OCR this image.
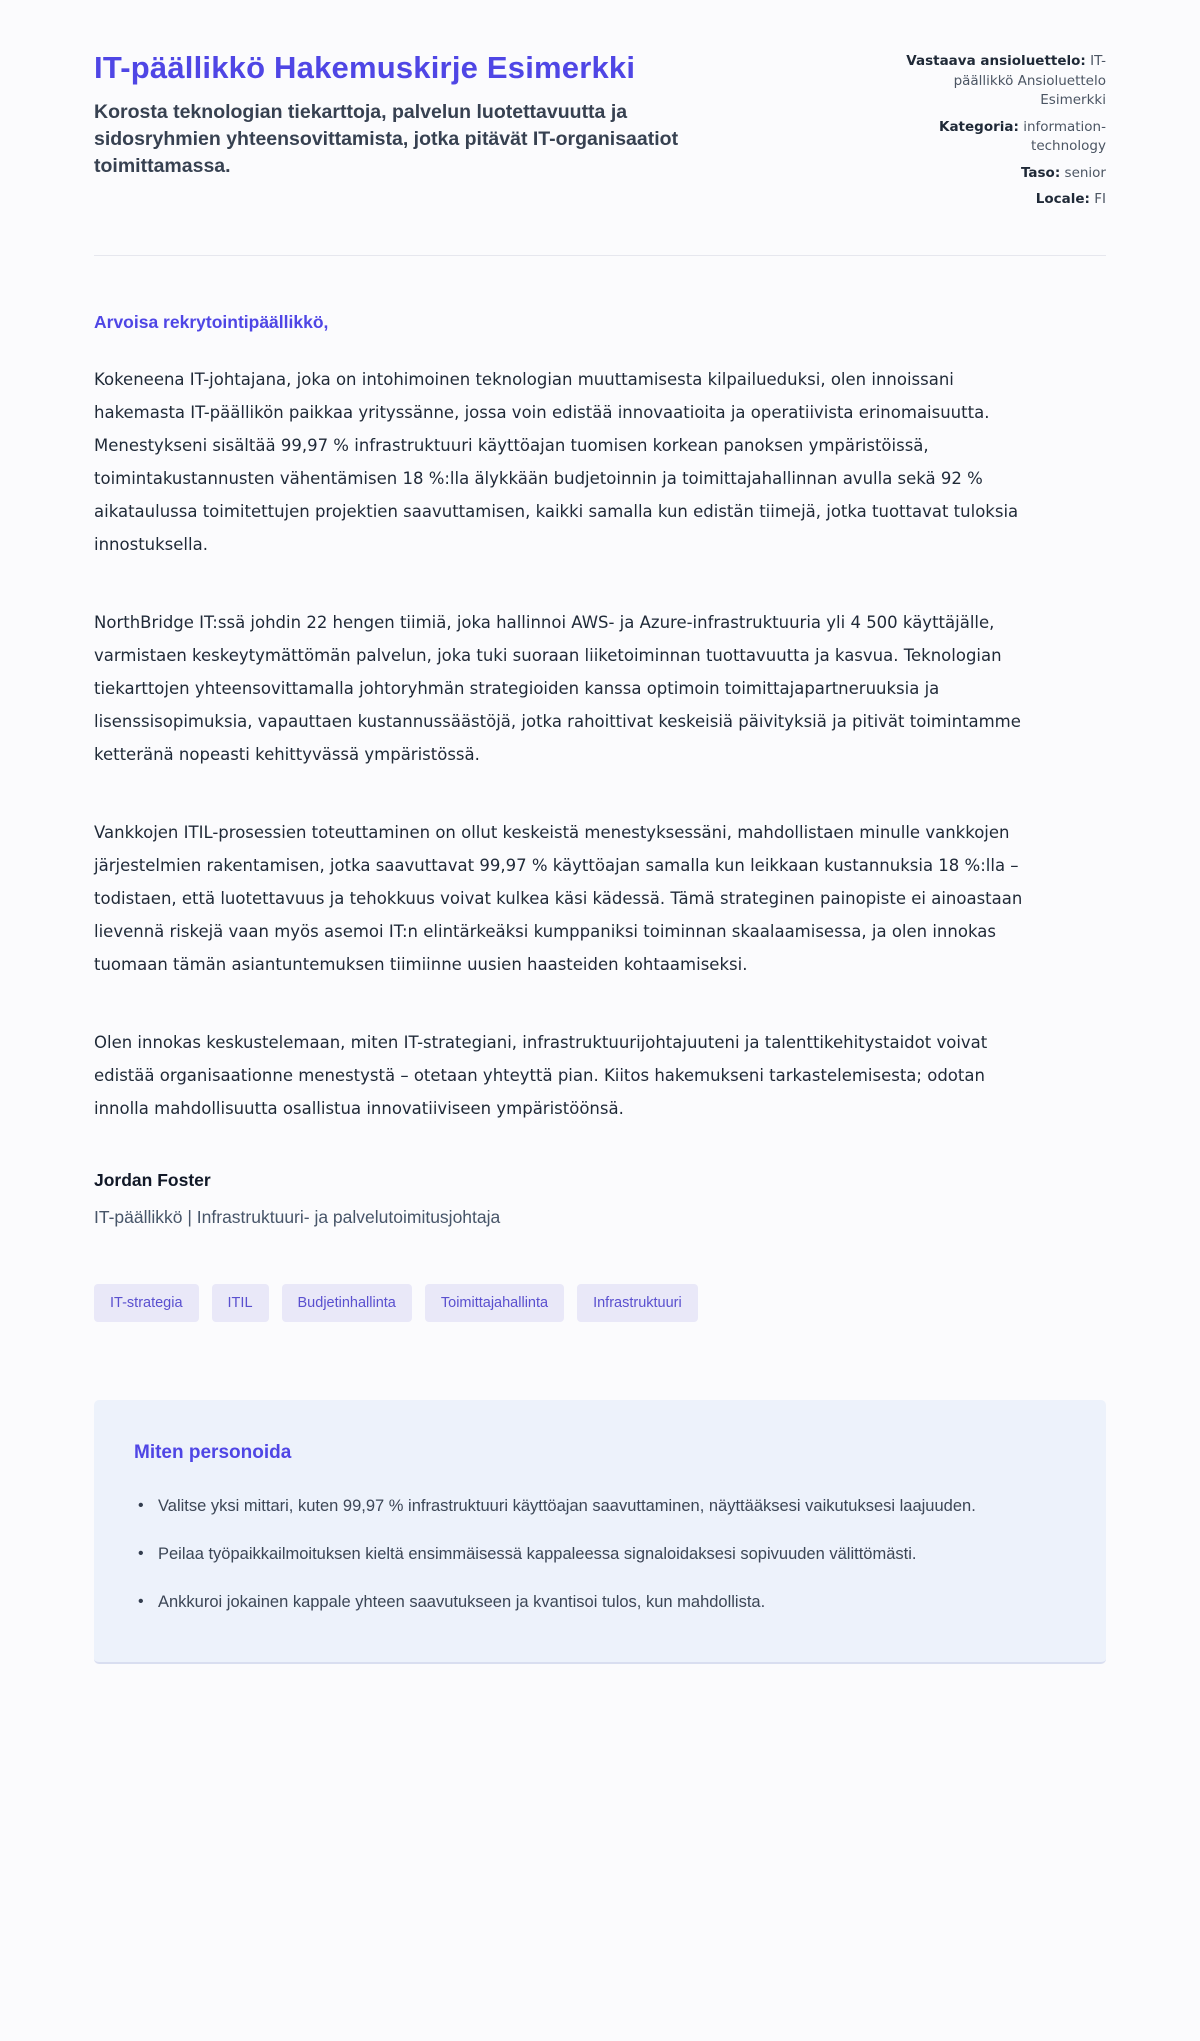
IT-päällikkö Hakemuskirje Esimerkki
Korosta teknologian tiekarttoja, palvelun luotettavuutta ja sidosryhmien yhteensovittamista, jotka pitävät IT-organisaatiot toimittamassa.
Vastaava ansioluettelo: IT-päällikkö Ansioluettelo Esimerkki
Kategoria: information-technology
Taso: senior
Locale: FI
Arvoisa rekrytointipäällikkö,

Kokeneena IT-johtajana, joka on intohimoinen teknologian muuttamisesta kilpailueduksi, olen innoissani hakemasta IT-päällikön paikkaa yrityssänne, jossa voin edistää innovaatioita ja operatiivista erinomaisuutta. Menestykseni sisältää 99,97 % infrastruktuuri käyttöajan tuomisen korkean panoksen ympäristöissä, toimintakustannusten vähentämisen 18 %:lla älykkään budjetoinnin ja toimittajahallinnan avulla sekä 92 % aikataulussa toimitettujen projektien saavuttamisen, kaikki samalla kun edistän tiimejä, jotka tuottavat tuloksia innostuksella.

NorthBridge IT:ssä johdin 22 hengen tiimiä, joka hallinnoi AWS- ja Azure-infrastruktuuria yli 4 500 käyttäjälle, varmistaen keskeytymättömän palvelun, joka tuki suoraan liiketoiminnan tuottavuutta ja kasvua. Teknologian tiekarttojen yhteensovittamalla johtoryhmän strategioiden kanssa optimoin toimittajapartneruuksia ja lisenssisopimuksia, vapauttaen kustannussäästöjä, jotka rahoittivat keskeisiä päivityksiä ja pitivät toimintamme ketteränä nopeasti kehittyvässä ympäristössä.

Vankkojen ITIL-prosessien toteuttaminen on ollut keskeistä menestyksessäni, mahdollistaen minulle vankkojen järjestelmien rakentamisen, jotka saavuttavat 99,97 % käyttöajan samalla kun leikkaan kustannuksia 18 %:lla – todistaen, että luotettavuus ja tehokkuus voivat kulkea käsi kädessä. Tämä strateginen painopiste ei ainoastaan lievennä riskejä vaan myös asemoi IT:n elintärkeäksi kumppaniksi toiminnan skaalaamisessa, ja olen innokas tuomaan tämän asiantuntemuksen tiimiinne uusien haasteiden kohtaamiseksi.

Olen innokas keskustelemaan, miten IT-strategiani, infrastruktuurijohtajuuteni ja talenttikehitystaidot voivat edistää organisaationne menestystä – otetaan yhteyttä pian. Kiitos hakemukseni tarkastelemisesta; odotan innolla mahdollisuutta osallistua innovatiiviseen ympäristöönsä.

Jordan Foster
IT-päällikkö | Infrastruktuuri- ja palvelutoimitusjohtaja
IT-strategia	ITIL	Budjetinhallinta	Toimittajahallinta	Infrastruktuuri
Miten personoida
• Valitse yksi mittari, kuten 99,97 % infrastruktuuri käyttöajan saavuttaminen, näyttääksesi vaikutuksesi laajuuden.
• Peilaa työpaikkailmoituksen kieltä ensimmäisessä kappaleessa signaloidaksesi sopivuuden välittömästi.
• Ankkuroi jokainen kappale yhteen saavutukseen ja kvantisoi tulos, kun mahdollista.
